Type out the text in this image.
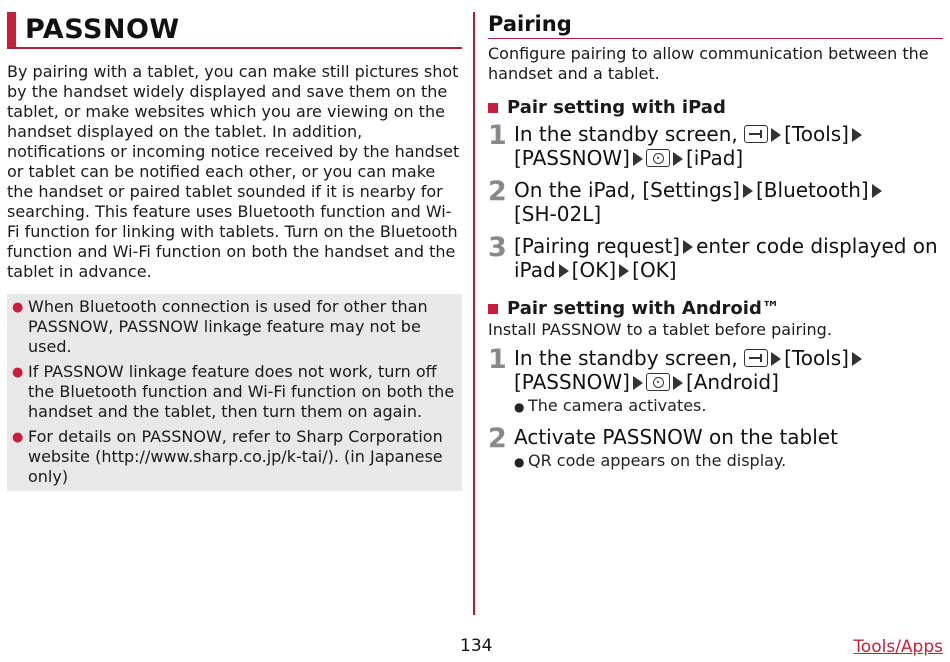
PASSNOW

By pairing with a tablet, you can make still pictures shot by the handset widely displayed and save them on the tablet, or make websites which you are viewing on the handset displayed on the tablet. In addition, notifications or incoming notice received by the handset or tablet can be notified each other, or you can make the handset or paired tablet sounded if it is nearby for searching. This feature uses Bluetooth function and Wi-Fi function for linking with tablets. Turn on the Bluetooth function and Wi-Fi function on both the handset and the tablet in advance.

● When Bluetooth connection is used for other than PASSNOW, PASSNOW linkage feature may not be used.
● If PASSNOW linkage feature does not work, turn off the Bluetooth function and Wi-Fi function on both the handset and the tablet, then turn them on again.
● For details on PASSNOW, refer to Sharp Corporation website (http://www.sharp.co.jp/k-tai/). (in Japanese only)
Pairing

Configure pairing to allow communication between the handset and a tablet.

Pair setting with iPad
1 In the standby screen, [Tools]
[PASSNOW]	[iPad]
2 On the iPad, [Settings] [Bluetooth]
[SH-02L]
3 [Pairing request] enter code displayed on iPad [OK] [OK]
Pair setting with Android™

Install PASSNOW to a tablet before pairing.

1 In the standby screen, [Tools]
[PASSNOW]	[Android]
● The camera activates.
2 Activate PASSNOW on the tablet
● QR code appears on the display.
134	Tools/Apps
